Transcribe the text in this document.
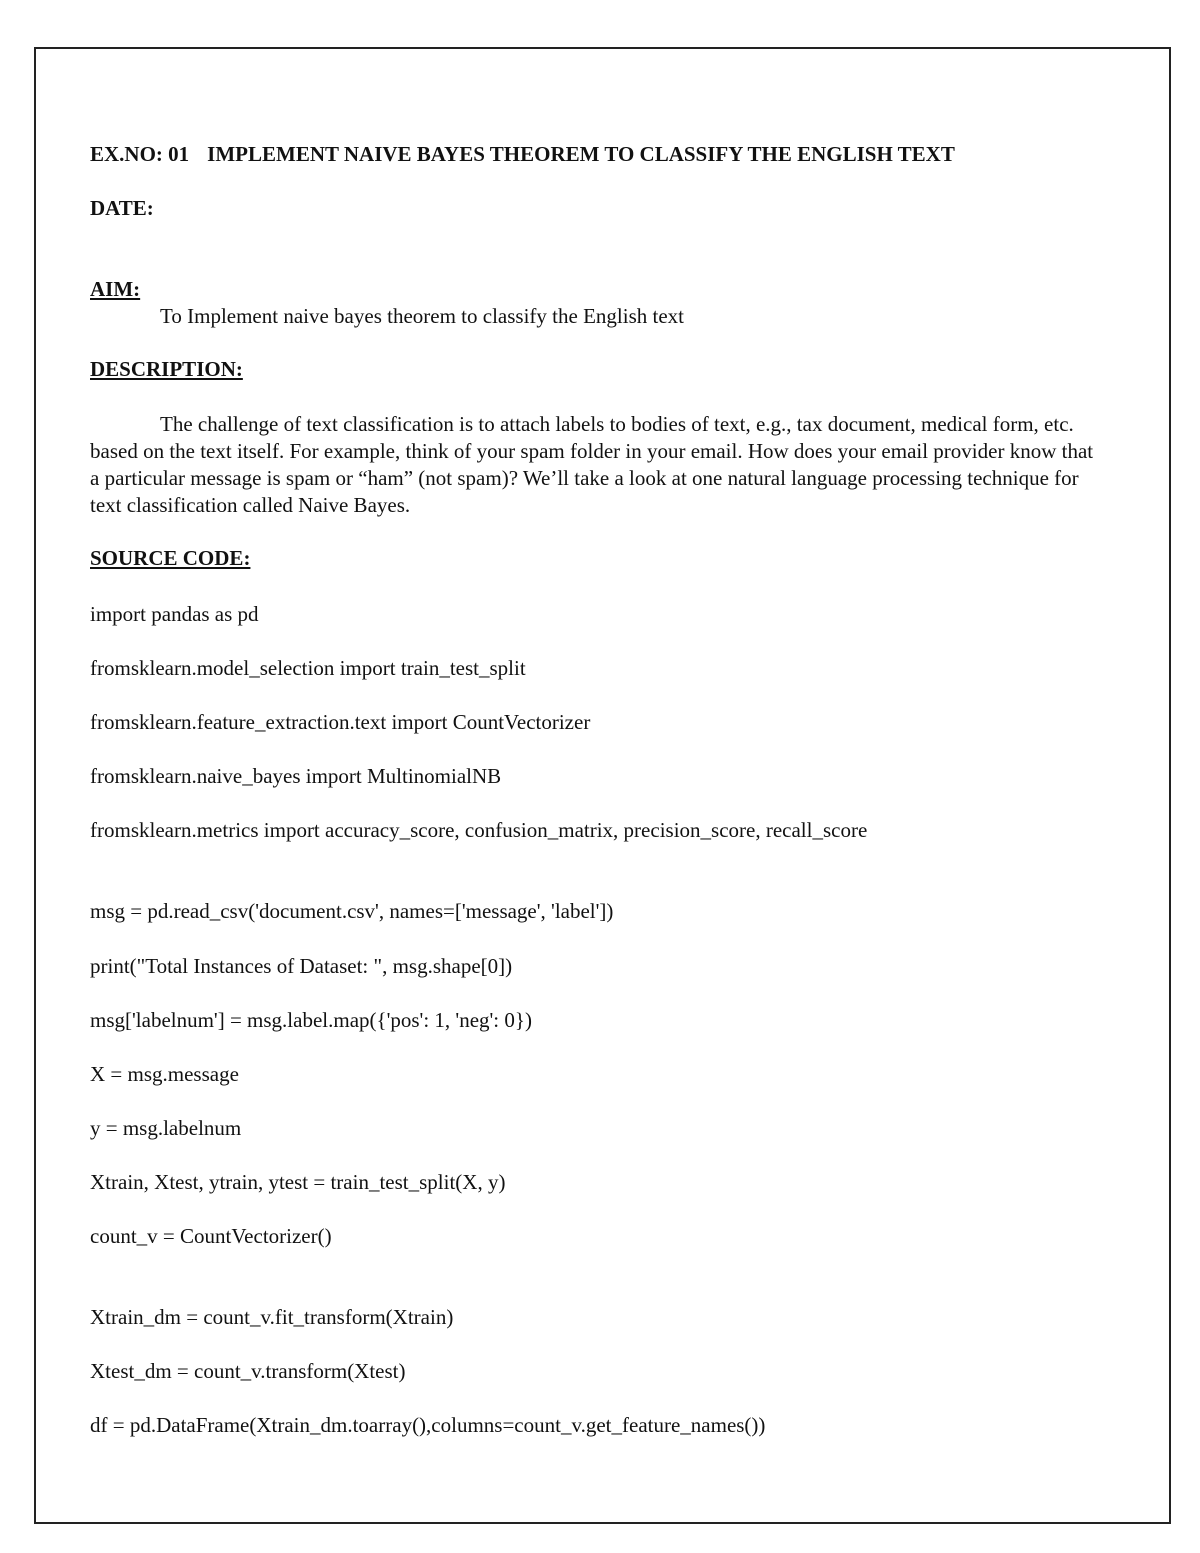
EX.NO: 01 IMPLEMENT NAIVE BAYES THEOREM TO CLASSIFY THE ENGLISH TEXT
DATE:
AIM:
To Implement naive bayes theorem to classify the English text
DESCRIPTION:
The challenge of text classification is to attach labels to bodies of text, e.g., tax document, medical form, etc. based on the text itself. For example, think of your spam folder in your email. How does your email provider know that a particular message is spam or “ham” (not spam)? We’ll take a look at one natural language processing technique for text classification called Naive Bayes.
SOURCE CODE:
import pandas as pd
fromsklearn.model_selection import train_test_split
fromsklearn.feature_extraction.text import CountVectorizer
fromsklearn.naive_bayes import MultinomialNB
fromsklearn.metrics import accuracy_score, confusion_matrix, precision_score, recall_score
msg = pd.read_csv('document.csv', names=['message', 'label'])
print("Total Instances of Dataset: ", msg.shape[0])
msg['labelnum'] = msg.label.map({'pos': 1, 'neg': 0})
X = msg.message
y = msg.labelnum
Xtrain, Xtest, ytrain, ytest = train_test_split(X, y)
count_v = CountVectorizer()
Xtrain_dm = count_v.fit_transform(Xtrain)
Xtest_dm = count_v.transform(Xtest)
df = pd.DataFrame(Xtrain_dm.toarray(),columns=count_v.get_feature_names())
